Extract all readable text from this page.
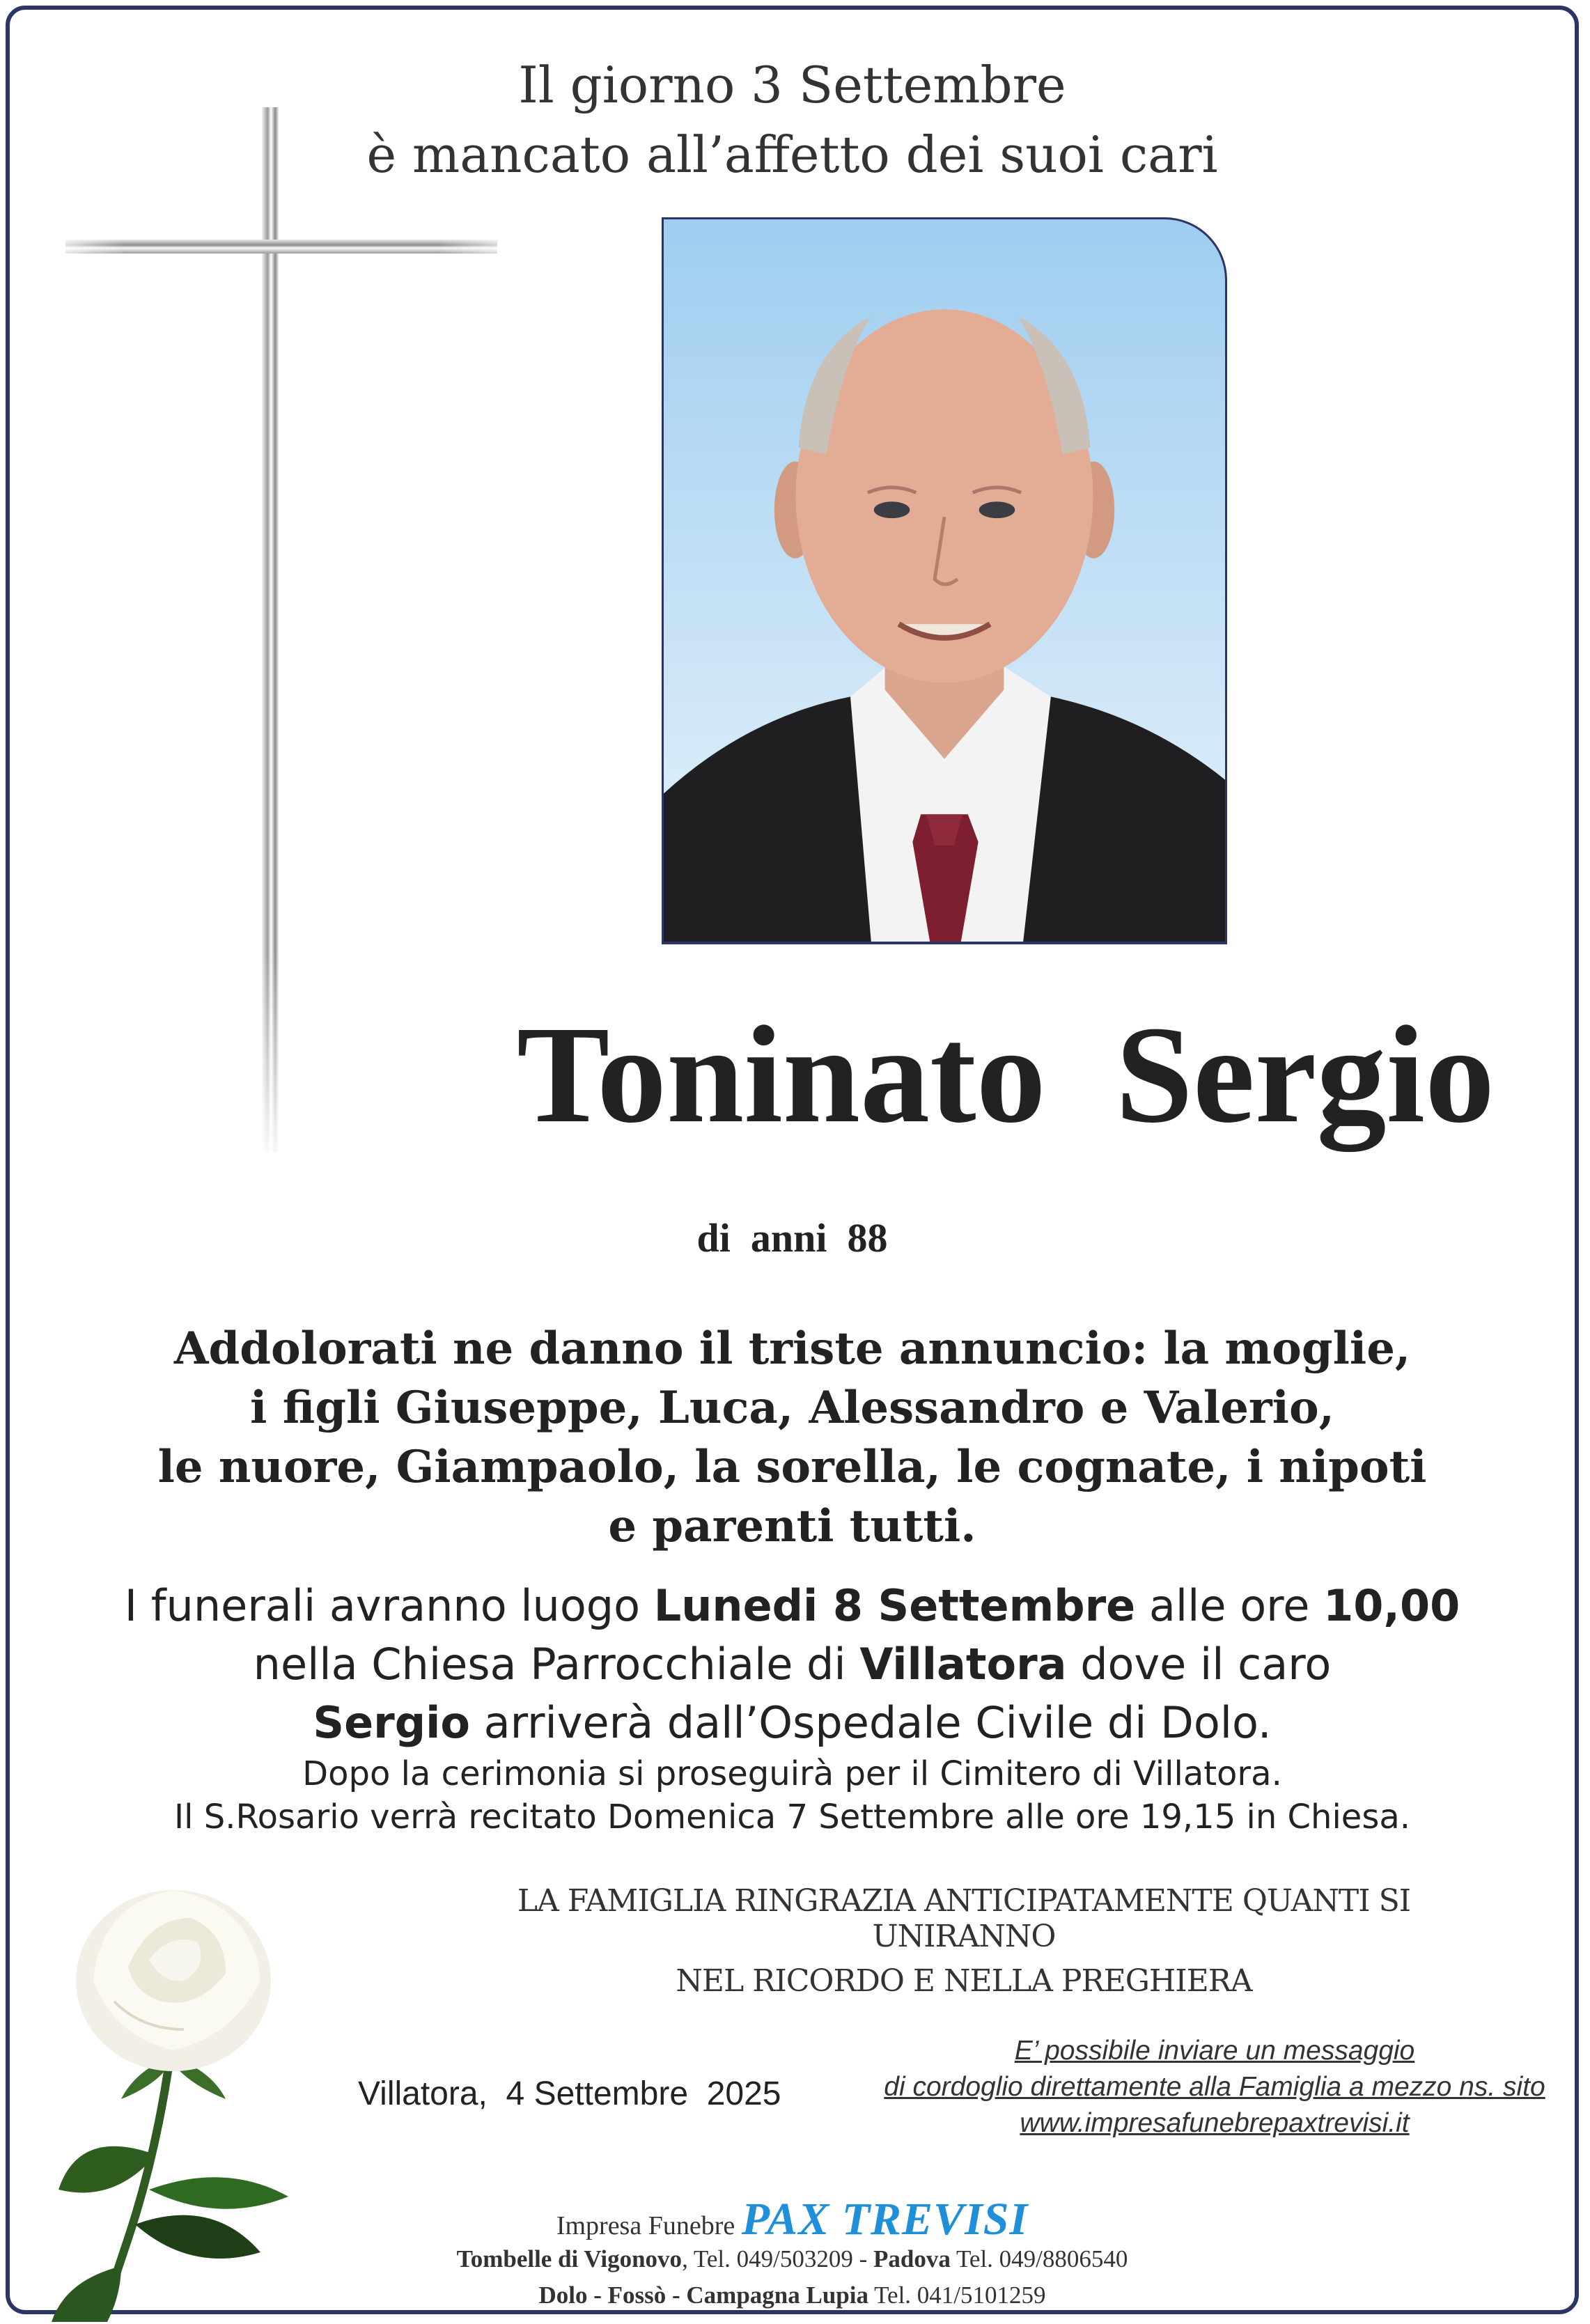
Il giorno 3 Settembre
è mancato all’affetto dei suoi cari
Toninato  Sergio
di  anni  88
Addolorati ne danno il triste annuncio: la moglie,
i figli Giuseppe, Luca, Alessandro e Valerio,
le nuore, Giampaolo, la sorella, le cognate, i nipoti
e parenti tutti.
I funerali avranno luogo Lunedi 8 Settembre alle ore 10,00
nella Chiesa Parrocchiale di Villatora dove il caro
Sergio arriverà dall’Ospedale Civile di Dolo.
Dopo la cerimonia si proseguirà per il Cimitero di Villatora.
Il S.Rosario verrà recitato Domenica 7 Settembre alle ore 19,15 in Chiesa.
LA FAMIGLIA RINGRAZIA ANTICIPATAMENTE QUANTI SI UNIRANNO
NEL RICORDO E NELLA PREGHIERA
Villatora,  4 Settembre  2025
E’ possibile inviare un messaggio
di cordoglio direttamente alla Famiglia a mezzo ns. sito
www.impresafunebrepaxtrevisi.it
Impresa Funebre PAX TREVISI
Tombelle di Vigonovo, Tel. 049/503209 - Padova Tel. 049/8806540
Dolo - Fossò - Campagna Lupia Tel. 041/5101259
